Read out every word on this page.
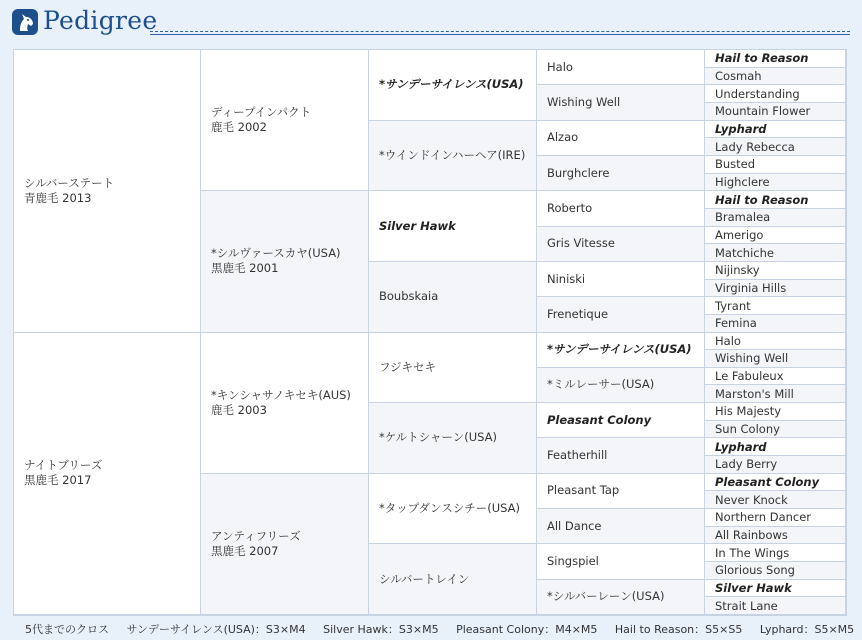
Pedigree
シルバーステート
青鹿毛 2013
ナイトブリーズ
黒鹿毛 2017
ディープインパクト
鹿毛 2002
*シルヴァースカヤ(USA)
黒鹿毛 2001
*キンシャサノキセキ(AUS)
鹿毛 2003
アンティフリーズ
黒鹿毛 2007
*サンデーサイレンス(USA)
*ウインドインハーヘア(IRE)
Silver Hawk
Boubskaia
フジキセキ
*ケルトシャーン(USA)
*タップダンスシチー(USA)
シルバートレイン
Halo
Wishing Well
Alzao
Burghclere
Roberto
Gris Vitesse
Niniski
Frenetique
*サンデーサイレンス(USA)
*ミルレーサー(USA)
Pleasant Colony
Featherhill
Pleasant Tap
All Dance
Singspiel
*シルバーレーン(USA)
Hail to Reason
Cosmah
Understanding
Mountain Flower
Lyphard
Lady Rebecca
Busted
Highclere
Hail to Reason
Bramalea
Amerigo
Matchiche
Nijinsky
Virginia Hills
Tyrant
Femina
Halo
Wishing Well
Le Fabuleux
Marston's Mill
His Majesty
Sun Colony
Lyphard
Lady Berry
Pleasant Colony
Never Knock
Northern Dancer
All Rainbows
In The Wings
Glorious Song
Silver Hawk
Strait Lane
5代までのクロス サンデーサイレンス(USA)：S3×M4 Silver Hawk：S3×M5 Pleasant Colony：M4×M5 Hail to Reason：S5×S5 Lyphard：S5×M5
